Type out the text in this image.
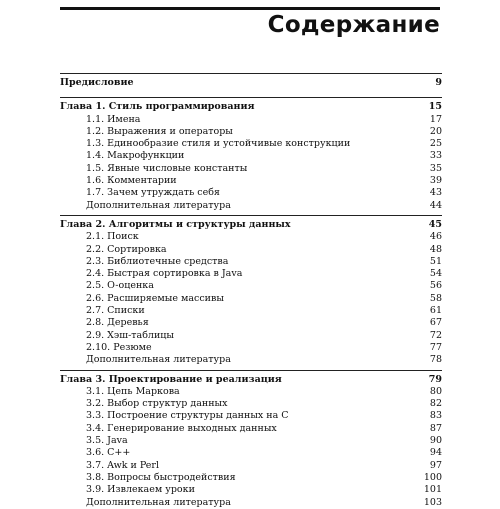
Содержание
Предисловие	9
Глава 1. Стиль программирования	15
1.1. Имена	17
1.2. Выражения и операторы	20
1.3. Единообразие стиля и устойчивые конструкции	25
1.4. Макрофункции	33
1.5. Явные числовые константы	35
1.6. Комментарии	39
1.7. Зачем утруждать себя	43
Дополнительная литература	44
Глава 2. Алгоритмы и структуры данных	45
2.1. Поиск	46
2.2. Сортировка	48
2.3. Библиотечные средства	51
2.4. Быстрая сортировка в Java	54
2.5. O-оценка	56
2.6. Расширяемые массивы	58
2.7. Списки	61
2.8. Деревья	67
2.9. Хэш-таблицы	72
2.10. Резюме	77
Дополнительная литература	78
Глава 3. Проектирование и реализация	79
3.1. Цепь Маркова	80
3.2. Выбор структур данных	82
3.3. Построение структуры данных на C	83
3.4. Генерирование выходных данных	87
3.5. Java	90
3.6. C++	94
3.7. Awk и Perl	97
3.8. Вопросы быстродействия	100
3.9. Извлекаем уроки	101
Дополнительная литература	103
